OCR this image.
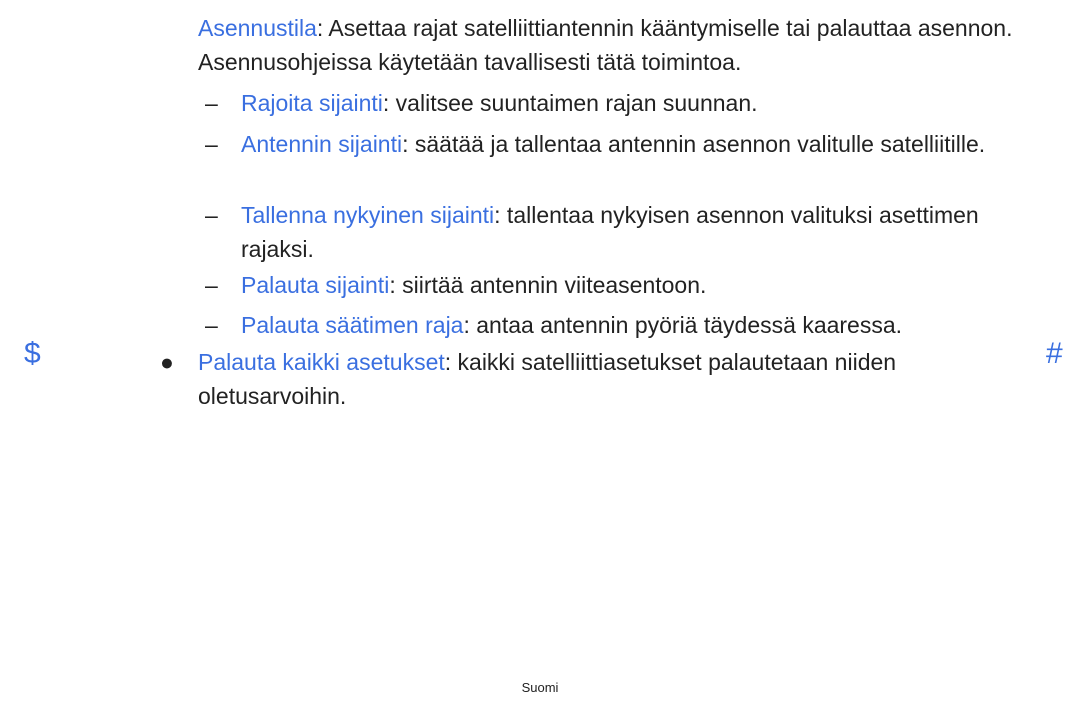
Asennustila: Asettaa rajat satelliittiantennin kääntymiselle tai palauttaa asennon. Asennusohjeissa käytetään tavallisesti tätä toimintoa.

–	Rajoita sijainti: valitsee suuntaimen rajan suunnan.
–	Antennin sijainti: säätää ja tallentaa antennin asennon valitulle satelliitille.
–	Tallenna nykyinen sijainti: tallentaa nykyisen asennon valituksi asettimen rajaksi.
–	Palauta sijainti: siirtää antennin viiteasentoon.
–	Palauta säätimen raja: antaa antennin pyöriä täydessä kaaressa.
● Palauta kaikki asetukset: kaikki satelliittiasetukset palautetaan niiden oletusarvoihin.
$	#
Suomi
